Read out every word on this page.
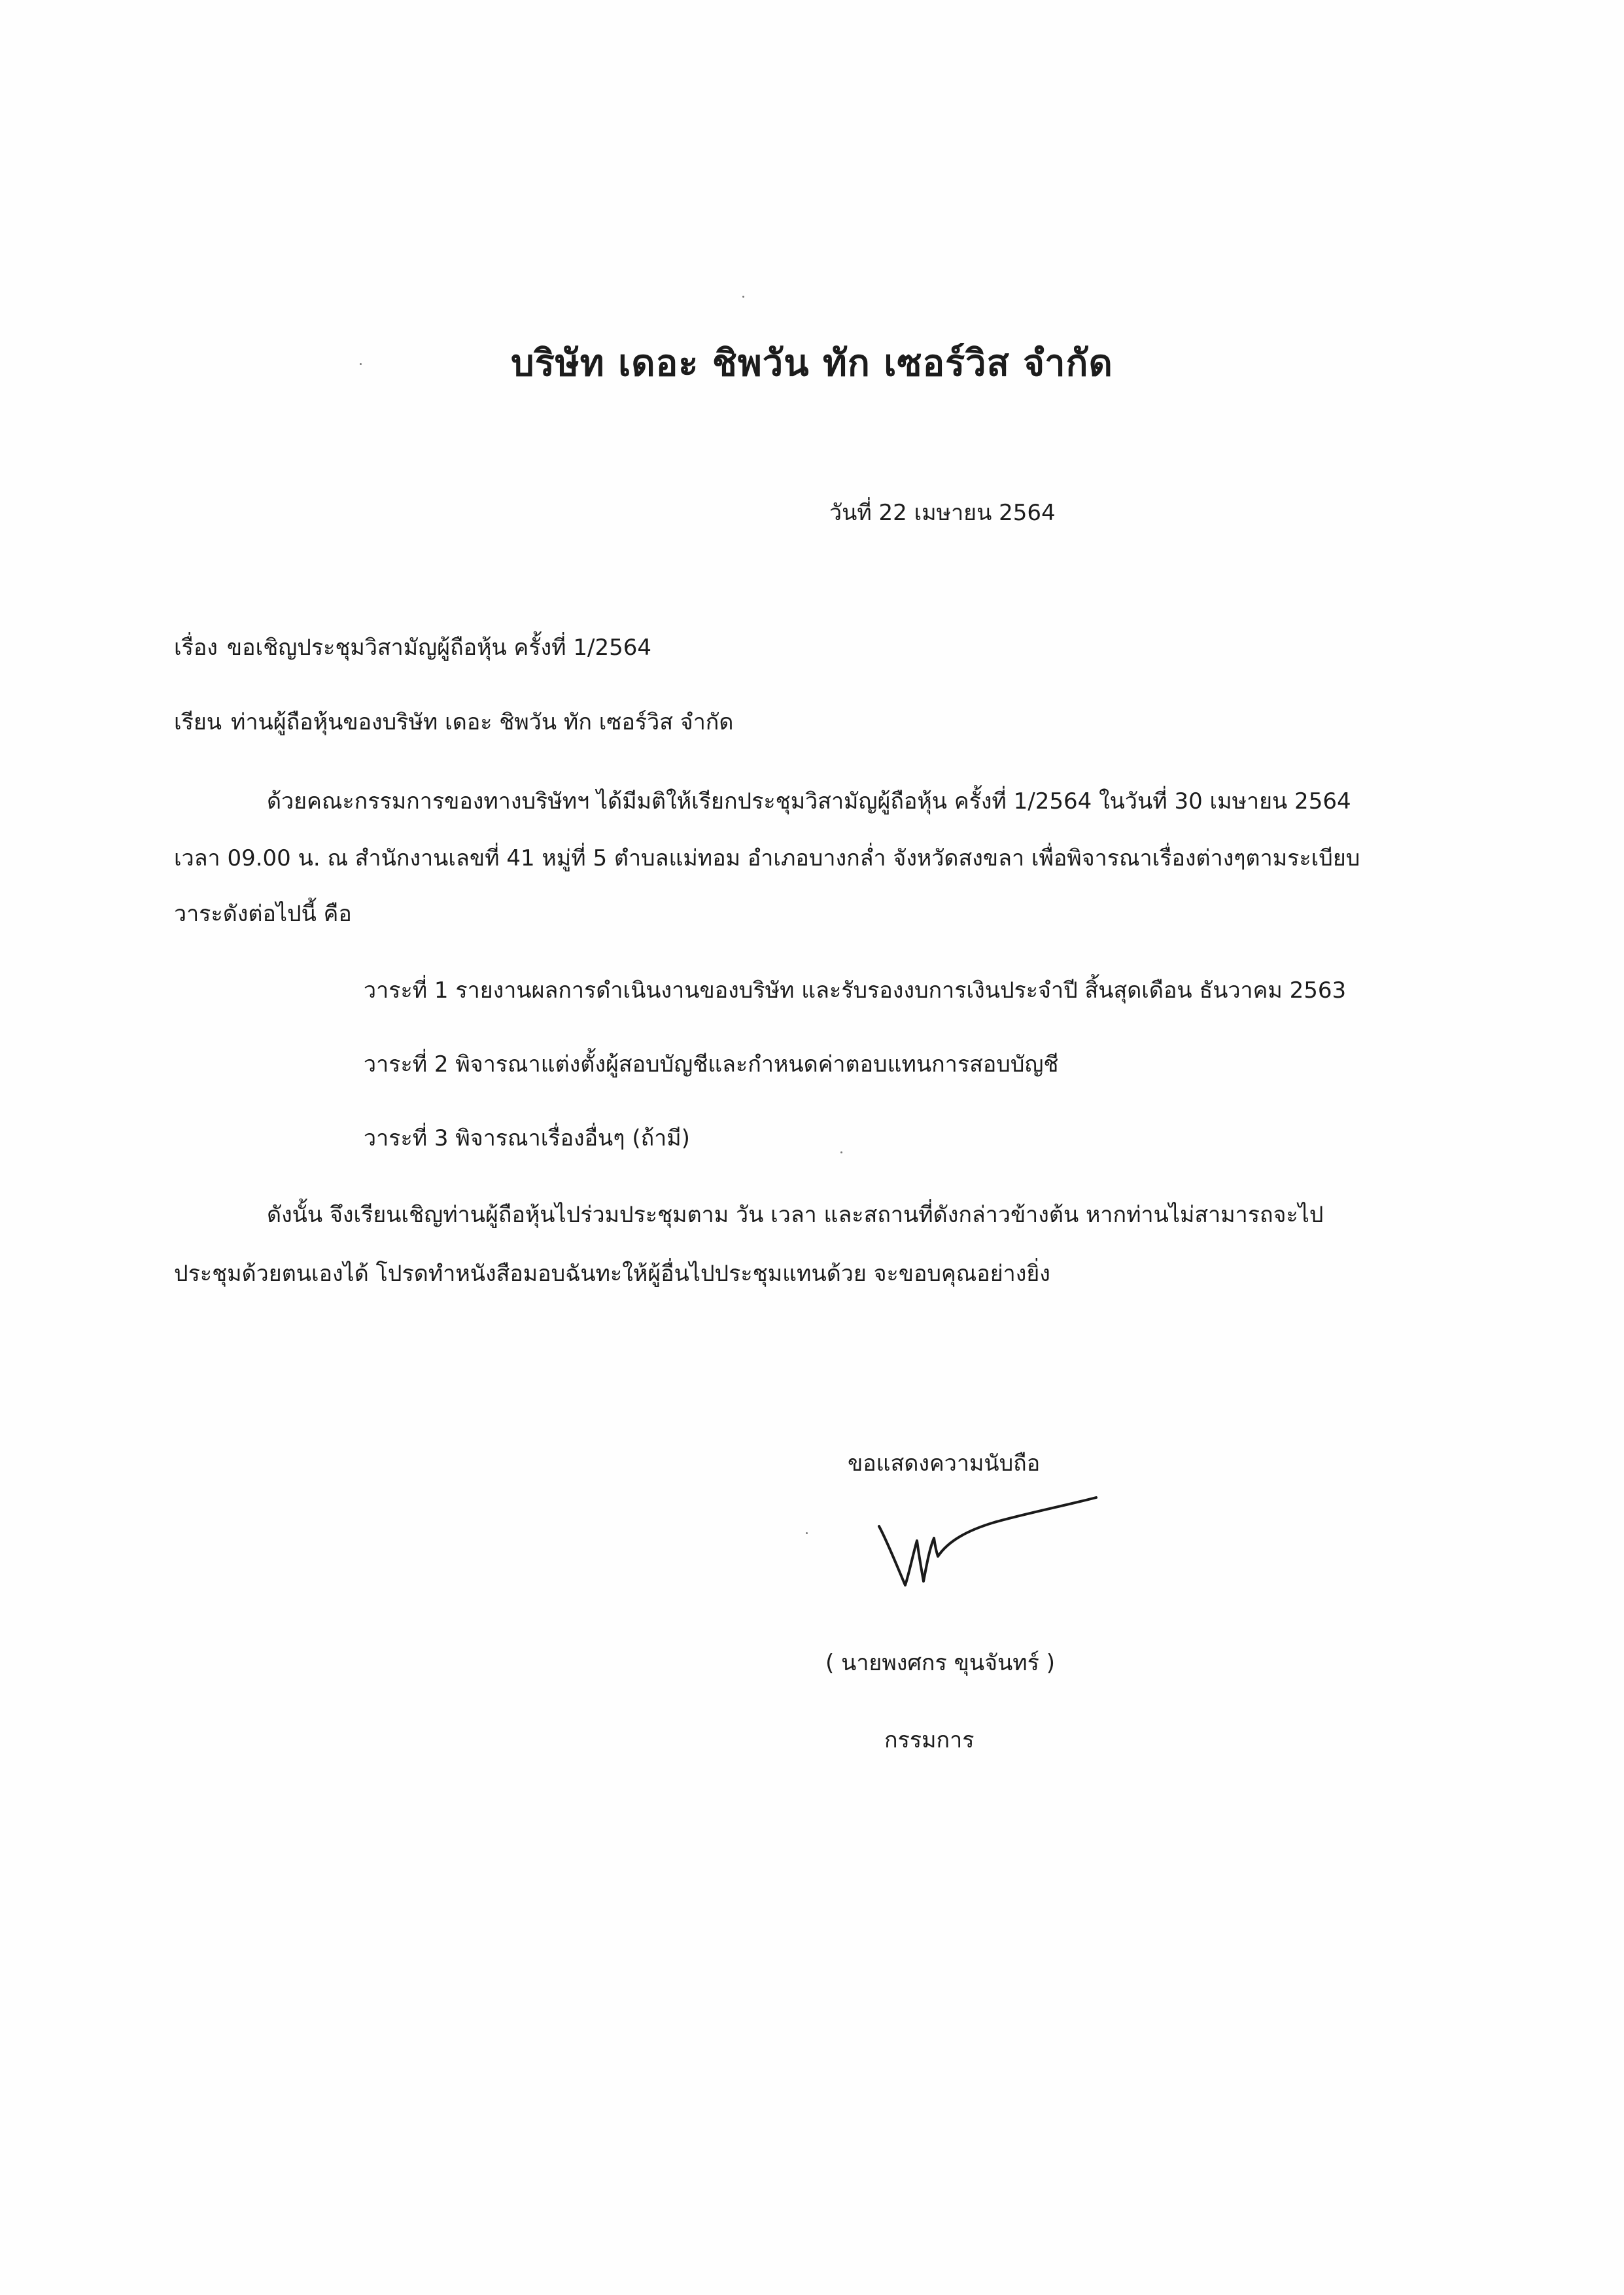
บริษัท เดอะ ชิพวัน ทัก เซอร์วิส จำกัด
วันที่ 22 เมษายน 2564
เรื่อง ขอเชิญประชุมวิสามัญผู้ถือหุ้น ครั้งที่ 1/2564
เรียน ท่านผู้ถือหุ้นของบริษัท เดอะ ชิพวัน ทัก เซอร์วิส จำกัด
ด้วยคณะกรรมการของทางบริษัทฯ ได้มีมติให้เรียกประชุมวิสามัญผู้ถือหุ้น ครั้งที่ 1/2564 ในวันที่ 30 เมษายน 2564
เวลา 09.00 น. ณ สำนักงานเลขที่ 41 หมู่ที่ 5 ตำบลแม่ทอม อำเภอบางกล่ำ จังหวัดสงขลา เพื่อพิจารณาเรื่องต่างๆตามระเบียบ
วาระดังต่อไปนี้ คือ
วาระที่ 1 รายงานผลการดำเนินงานของบริษัท และรับรองงบการเงินประจำปี สิ้นสุดเดือน ธันวาคม 2563
วาระที่ 2 พิจารณาแต่งตั้งผู้สอบบัญชีและกำหนดค่าตอบแทนการสอบบัญชี
วาระที่ 3 พิจารณาเรื่องอื่นๆ (ถ้ามี)
ดังนั้น จึงเรียนเชิญท่านผู้ถือหุ้นไปร่วมประชุมตาม วัน เวลา และสถานที่ดังกล่าวข้างต้น หากท่านไม่สามารถจะไป
ประชุมด้วยตนเองได้ โปรดทำหนังสือมอบฉันทะให้ผู้อื่นไปประชุมแทนด้วย จะขอบคุณอย่างยิ่ง
ขอแสดงความนับถือ
( นายพงศกร ขุนจันทร์ )
กรรมการ
